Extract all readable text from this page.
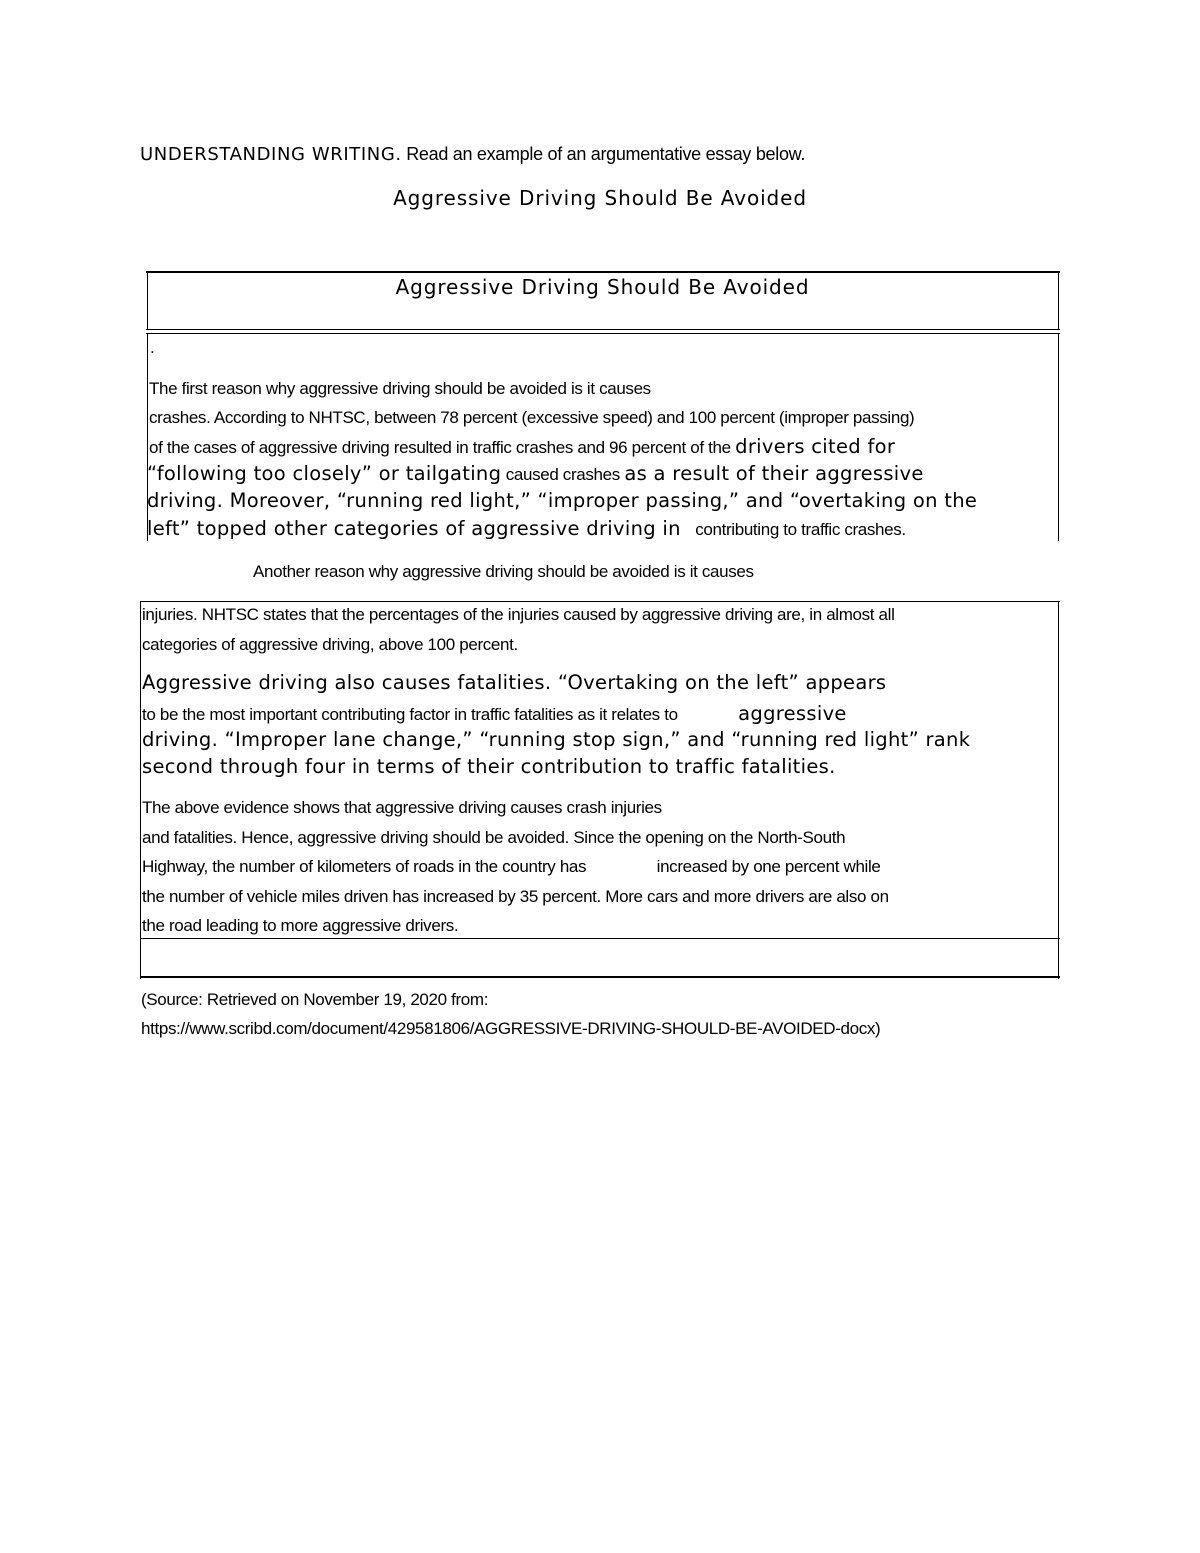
UNDERSTANDING WRITING. Read an example of an argumentative essay below.
Aggressive Driving Should Be Avoided
Aggressive Driving Should Be Avoided
.
The first reason why aggressive driving should be avoided is it causes
crashes. According to NHTSC, between 78 percent (excessive speed) and 100 percent (improper passing)
of the cases of aggressive driving resulted in traffic crashes and 96 percent of the drivers cited for
“following too closely” or tailgating caused crashes as a result of their aggressive
driving. Moreover, “running red light,” “improper passing,” and “overtaking on the
left” topped other categories of aggressive driving in contributing to traffic crashes.
Another reason why aggressive driving should be avoided is it causes
injuries. NHTSC states that the percentages of the injuries caused by aggressive driving are, in almost all
categories of aggressive driving, above 100 percent.
Aggressive driving also causes fatalities. “Overtaking on the left” appears
to be the most important contributing factor in traffic fatalities as it relates to	aggressive
driving. “Improper lane change,” “running stop sign,” and “running red light” rank
second through four in terms of their contribution to traffic fatalities.
The above evidence shows that aggressive driving causes crash injuries
and fatalities. Hence, aggressive driving should be avoided. Since the opening on the North-South
Highway, the number of kilometers of roads in the country has	increased by one percent while
the number of vehicle miles driven has increased by 35 percent. More cars and more drivers are also on
the road leading to more aggressive drivers.
(Source: Retrieved on November 19, 2020 from:
https://www.scribd.com/document/429581806/AGGRESSIVE-DRIVING-SHOULD-BE-AVOIDED-docx)
